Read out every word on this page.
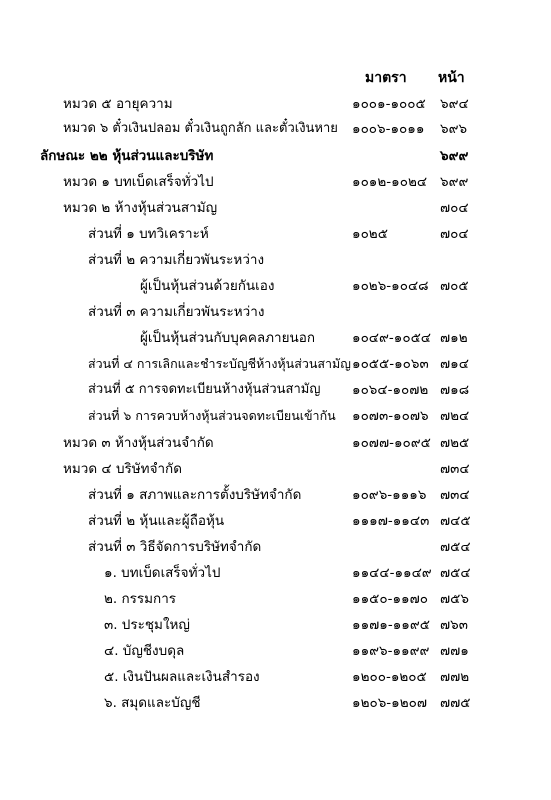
มาตรา หน้า
หมวด ๕ อายุความ	๑๐๐๑-๑๐๐๕ ๖๙๔
หมวด ๖ ตั๋วเงินปลอม ตั๋วเงินถูกลัก และตั๋วเงินหาย ๑๐๐๖-๑๐๑๑ ๖๙๖
ลักษณะ ๒๒ หุ้นส่วนและบริษัท	๖๙๙
หมวด ๑ บทเบ็ดเสร็จทั่วไป	๑๐๑๒-๑๐๒๔ ๖๙๙
หมวด ๒ ห้างหุ้นส่วนสามัญ	๗๐๔
ส่วนที่ ๑ บทวิเคราะห์	๑๐๒๕	๗๐๔
ส่วนที่ ๒ ความเกี่ยวพันระหว่าง
ผู้เป็นหุ้นส่วนด้วยกันเอง	๑๐๒๖-๑๐๔๘ ๗๐๕
ส่วนที่ ๓ ความเกี่ยวพันระหว่าง
ผู้เป็นหุ้นส่วนกับบุคคลภายนอก	๑๐๔๙-๑๐๕๔ ๗๑๒
ส่วนที่ ๔ การเลิกและชำระบัญชีห้างหุ้นส่วนสามัญ ๑๐๕๕-๑๐๖๓ ๗๑๔
ส่วนที่ ๕ การจดทะเบียนห้างหุ้นส่วนสามัญ ๑๐๖๔-๑๐๗๒ ๗๑๘
ส่วนที่ ๖ การควบห้างหุ้นส่วนจดทะเบียนเข้ากัน ๑๐๗๓-๑๐๗๖ ๗๒๔
หมวด ๓ ห้างหุ้นส่วนจำกัด	๑๐๗๗-๑๐๙๕ ๗๒๕
หมวด ๔ บริษัทจำกัด	๗๓๔
ส่วนที่ ๑ สภาพและการตั้งบริษัทจำกัด	๑๐๙๖-๑๑๑๖ ๗๓๔
ส่วนที่ ๒ หุ้นและผู้ถือหุ้น	๑๑๑๗-๑๑๔๓ ๗๔๕
ส่วนที่ ๓ วิธีจัดการบริษัทจำกัด	๗๕๔
๑. บทเบ็ดเสร็จทั่วไป	๑๑๔๔-๑๑๔๙ ๗๕๔
๒. กรรมการ	๑๑๕๐-๑๑๗๐ ๗๕๖
๓. ประชุมใหญ่	๑๑๗๑-๑๑๙๕ ๗๖๓
๔. บัญชีงบดุล	๑๑๙๖-๑๑๙๙ ๗๗๑
๕. เงินปันผลและเงินสำรอง	๑๒๐๐-๑๒๐๕ ๗๗๒
๖. สมุดและบัญชี	๑๒๐๖-๑๒๐๗ ๗๗๕
